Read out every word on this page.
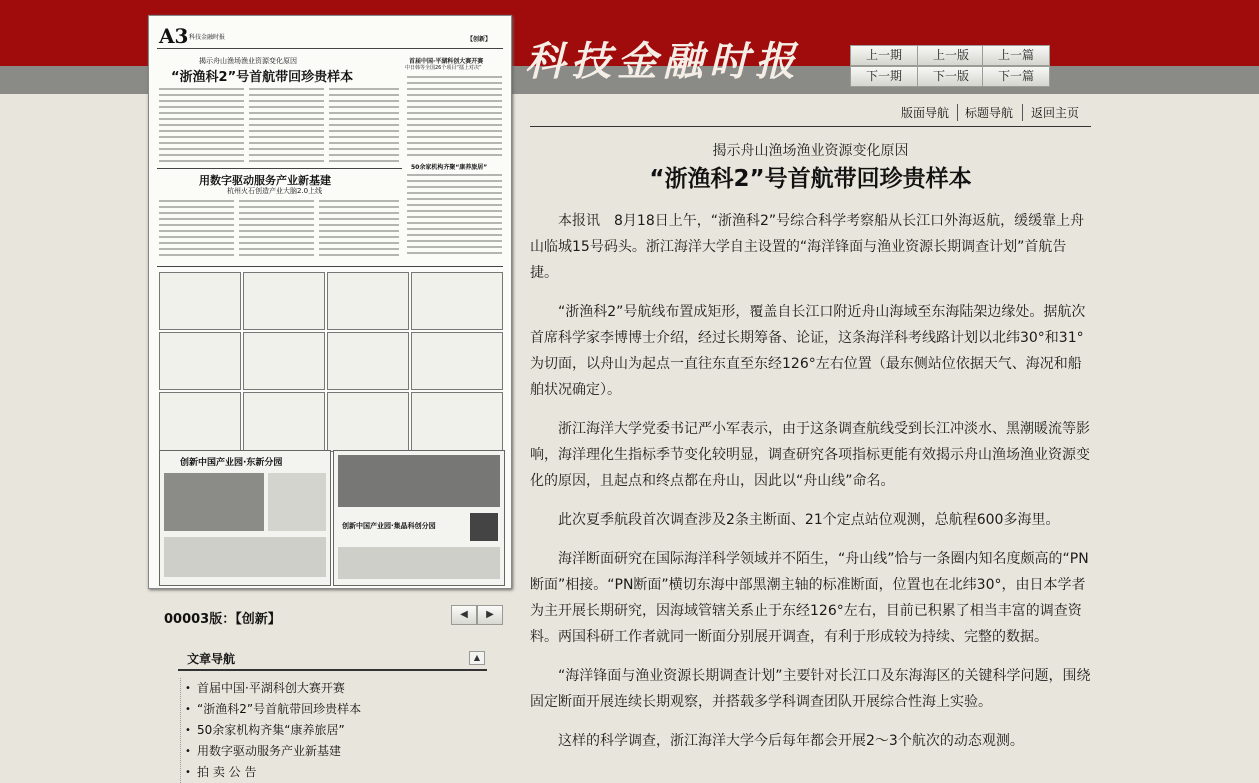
科技金融时报	上一期	上一版	上一篇
下一期	下一版	下一篇
A3 科技金融时报	【创新】
揭示舟山渔场渔业资源变化原因
“浙渔科2”号首航带回珍贵样本
首届中国·平湖科创大赛开赛
中日韩等全国26个项目“擂上对决”
50余家机构齐聚“康养旅居”
用数字驱动服务产业新基建
杭州火石创造产业大脑2.0上线
创新中国产业园·东新分园
创新中国产业园·集晶科创分园
00003版：【创新】	◀	▶
文章导航	▲
• 首届中国·平湖科创大赛开赛
• “浙渔科2”号首航带回珍贵样本
• 50余家机构齐集“康养旅居”
• 用数字驱动服务产业新基建
• 拍 卖 公 告
版面导航 标题导航 返回主页
揭示舟山渔场渔业资源变化原因
“浙渔科2”号首航带回珍贵样本

本报讯　8月18日上午，“浙渔科2”号综合科学考察船从长江口外海返航，缓缓靠上舟山临城15号码头。浙江海洋大学自主设置的“海洋锋面与渔业资源长期调查计划”首航告捷。

“浙渔科2”号航线布置成矩形，覆盖自长江口附近舟山海域至东海陆架边缘处。据航次首席科学家李博博士介绍，经过长期筹备、论证，这条海洋科考线路计划以北纬30°和31°为切面，以舟山为起点一直往东直至东经126°左右位置（最东侧站位依据天气、海况和船舶状况确定）。

浙江海洋大学党委书记严小军表示，由于这条调查航线受到长江冲淡水、黑潮暖流等影响，海洋理化生指标季节变化较明显，调查研究各项指标更能有效揭示舟山渔场渔业资源变化的原因，且起点和终点都在舟山，因此以“舟山线”命名。

此次夏季航段首次调查涉及2条主断面、21个定点站位观测，总航程600多海里。

海洋断面研究在国际海洋科学领域并不陌生，“舟山线”恰与一条圈内知名度颇高的“PN断面”相接。“PN断面”横切东海中部黑潮主轴的标准断面，位置也在北纬30°，由日本学者为主开展长期研究，因海域管辖关系止于东经126°左右，目前已积累了相当丰富的调查资料。两国科研工作者就同一断面分别展开调查，有利于形成较为持续、完整的数据。

“海洋锋面与渔业资源长期调查计划”主要针对长江口及东海海区的关键科学问题，围绕固定断面开展连续长期观察，并搭载多学科调查团队开展综合性海上实验。

这样的科学调查，浙江海洋大学今后每年都会开展2～3个航次的动态观测。
